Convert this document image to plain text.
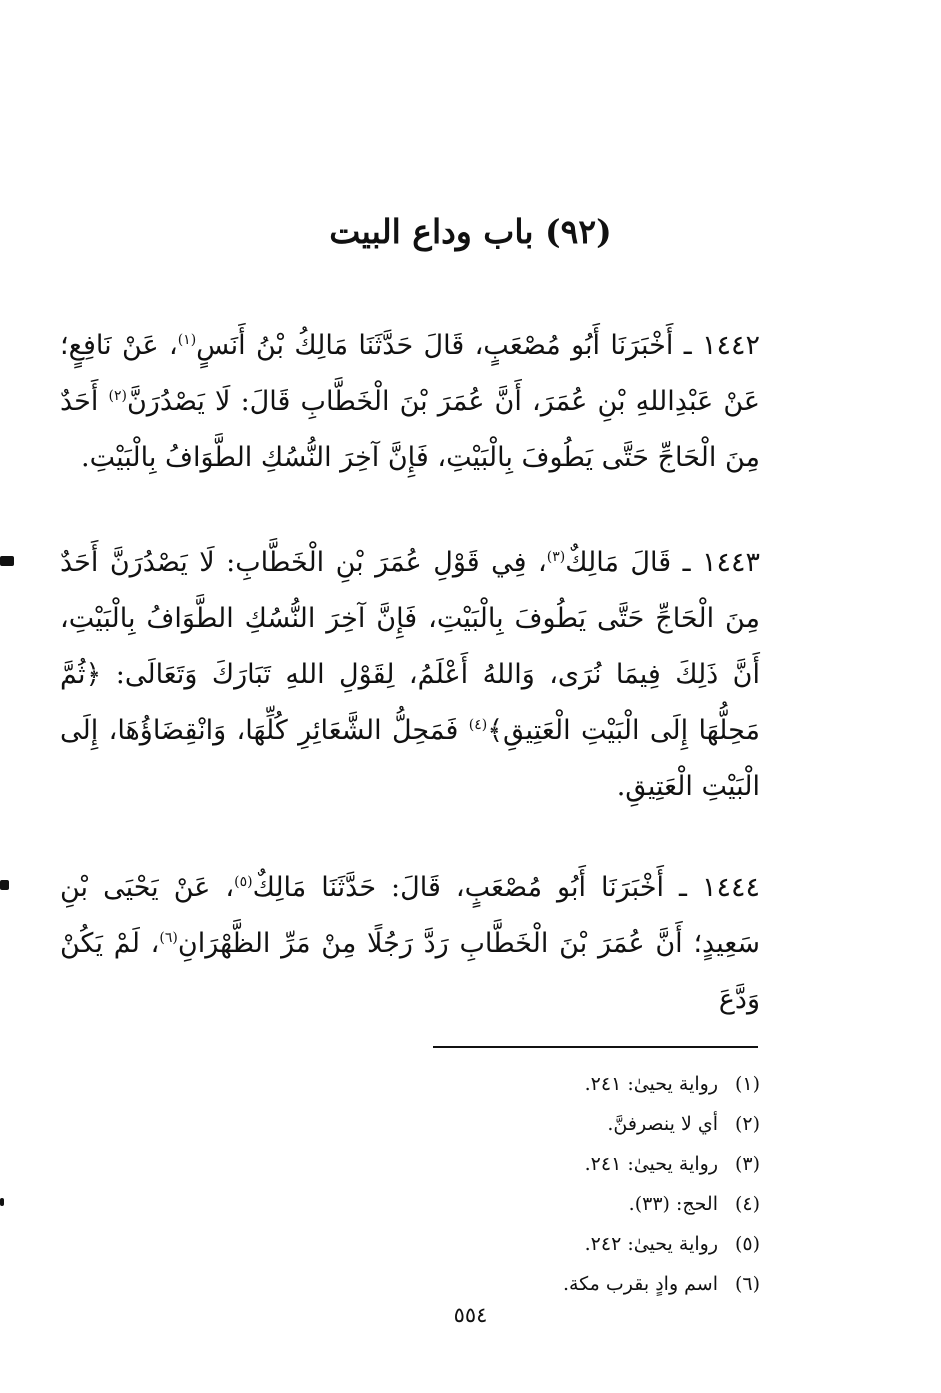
(٩٢) باب وداع البيت

١٤٤٢ ـ أَخْبَرَنَا أَبُو مُصْعَبٍ، قَالَ حَدَّثَنَا مَالِكُ بْنُ أَنَسٍ$^{(١)}$، عَنْ نَافِعٍ؛ عَنْ عَبْدِاللهِ بْنِ عُمَرَ، أَنَّ عُمَرَ بْنَ الْخَطَّابِ قَالَ: لَا يَصْدُرَنَّ$^{(٢)}$ أَحَدٌ مِنَ الْحَاجِّ حَتَّى يَطُوفَ بِالْبَيْتِ، فَإِنَّ آخِرَ النُّسُكِ الطَّوَافُ بِالْبَيْتِ.

١٤٤٣ ـ قَالَ مَالِكٌ$^{(٣)}$، فِي قَوْلِ عُمَرَ بْنِ الْخَطَّابِ: لَا يَصْدُرَنَّ أَحَدٌ مِنَ الْحَاجِّ حَتَّى يَطُوفَ بِالْبَيْتِ، فَإِنَّ آخِرَ النُّسُكِ الطَّوَافُ بِالْبَيْتِ، أَنَّ ذَلِكَ فِيمَا نُرَى، وَاللهُ أَعْلَمُ، لِقَوْلِ اللهِ تَبَارَكَ وَتَعَالَى: ﴿ثُمَّ مَحِلُّهَا إِلَى الْبَيْتِ الْعَتِيقِ﴾$^{(٤)}$ فَمَحِلُّ الشَّعَائِرِ كُلِّهَا، وَانْقِضَاؤُهَا، إِلَى الْبَيْتِ الْعَتِيقِ.

١٤٤٤ ـ أَخْبَرَنَا أَبُو مُصْعَبٍ، قَالَ: حَدَّثَنَا مَالِكٌ$^{(٥)}$، عَنْ يَحْيَى بْنِ سَعِيدٍ؛ أَنَّ عُمَرَ بْنَ الْخَطَّابِ رَدَّ رَجُلًا مِنْ مَرِّ الظَّهْرَانِ$^{(٦)}$، لَمْ يَكُنْ وَدَّعَ

(١)رواية يحيىٰ: ٢٤١.
(٢)أي لا ينصرفنَّ.
(٣)رواية يحيىٰ: ٢٤١.
(٤)الحج: (٣٣).
(٥)رواية يحيىٰ: ٢٤٢.
(٦)اسم وادٍ بقرب مكة.
٥٥٤
